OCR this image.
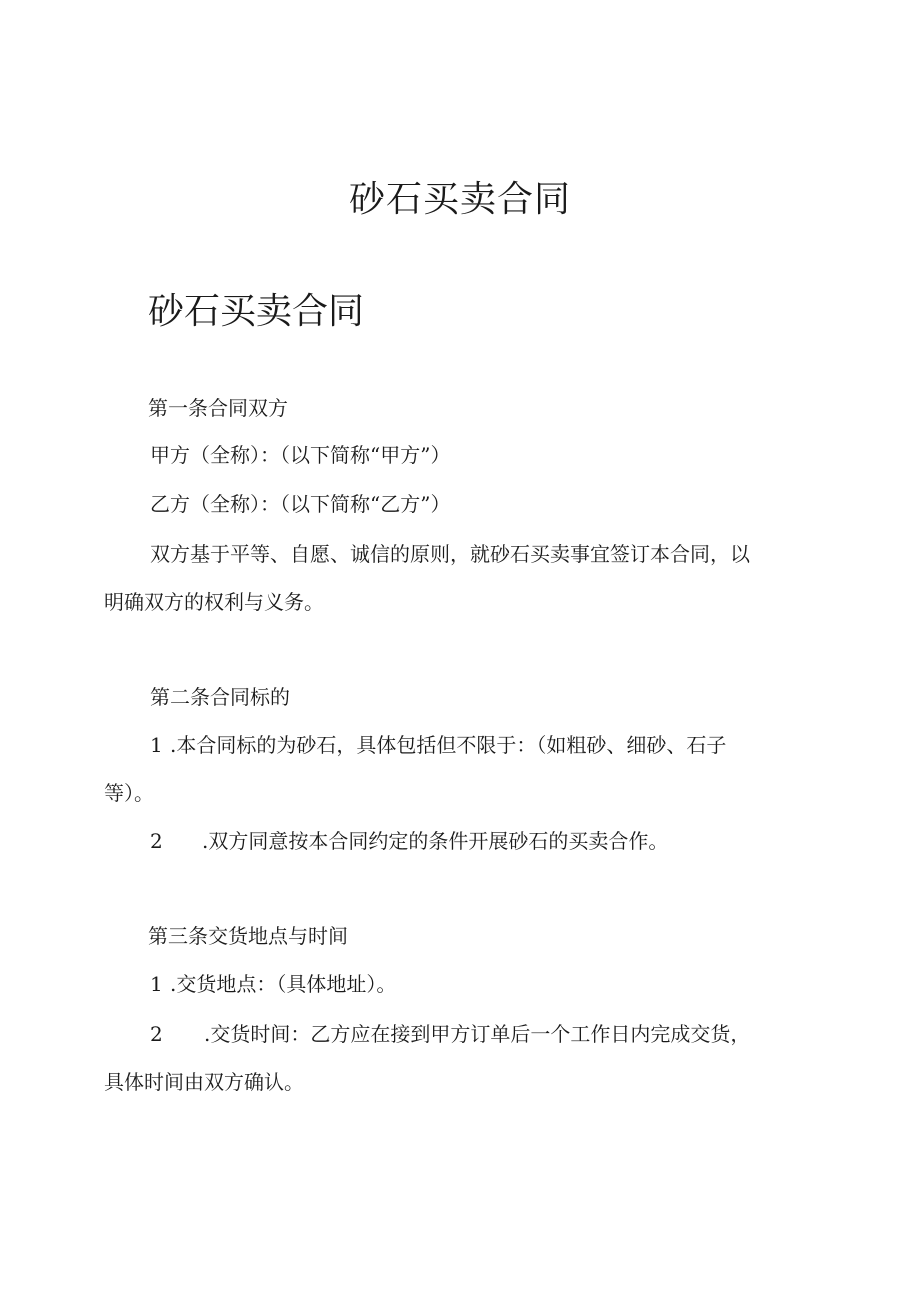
砂石买卖合同
砂石买卖合同

第一条合同双方

甲方（全称）：（以下简称“甲方”）

乙方（全称）：（以下简称“乙方”）

双方基于平等、自愿、诚信的原则，就砂石买卖事宜签订本合同，以

明确双方的权利与义务。

第二条合同标的

1 .本合同标的为砂石，具体包括但不限于：（如粗砂、细砂、石子

等）。

2 .双方同意按本合同约定的条件开展砂石的买卖合作。

第三条交货地点与时间

1 .交货地点：（具体地址）。

2 .交货时间：乙方应在接到甲方订单后一个工作日内完成交货，

具体时间由双方确认。
